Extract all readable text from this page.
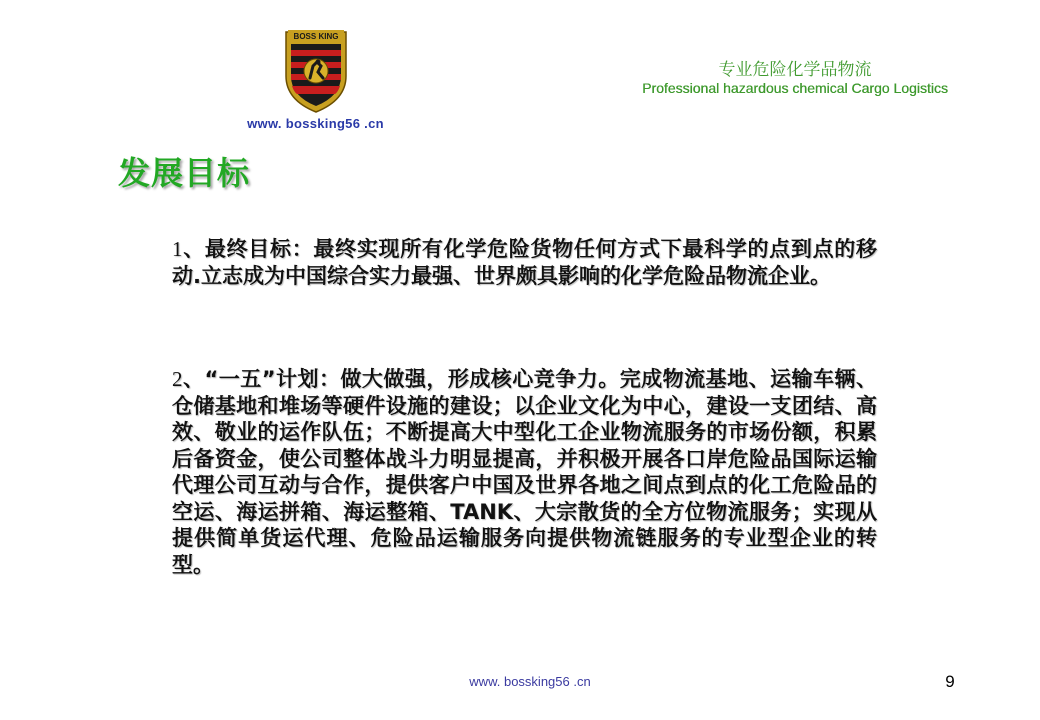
BOSS KING
www. bossking56 .cn
专业危险化学品物流
Professional hazardous chemical Cargo Logistics
发展目标

1、最终目标：最终实现所有化学危险货物任何方式下最科学的点到点的移动.立志成为中国综合实力最强、世界颇具影响的化学危险品物流企业。

2、“一五”计划：做大做强，形成核心竞争力。完成物流基地、运输车辆、仓储基地和堆场等硬件设施的建设；以企业文化为中心，建设一支团结、高效、敬业的运作队伍；不断提高大中型化工企业物流服务的市场份额，积累后备资金，使公司整体战斗力明显提高，并积极开展各口岸危险品国际运输代理公司互动与合作，提供客户中国及世界各地之间点到点的化工危险品的空运、海运拼箱、海运整箱、TANK、大宗散货的全方位物流服务；实现从提供简单货运代理、危险品运输服务向提供物流链服务的专业型企业的转型。

www. bossking56 .cn	9
